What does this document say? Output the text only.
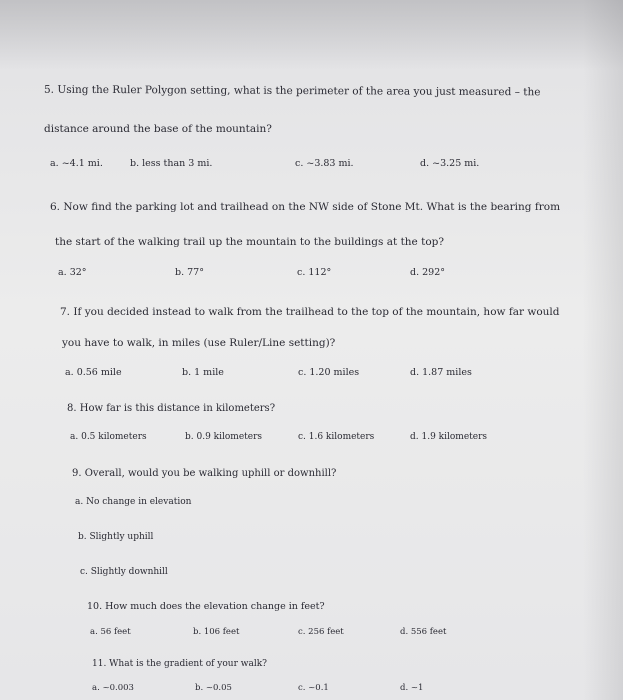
5. Using the Ruler Polygon setting, what is the perimeter of the area you just measured – the
distance around the base of the mountain?
a. ~4.1 mi.	b. less than 3 mi.	c. ~3.83 mi.	d. ~3.25 mi.
6. Now find the parking lot and trailhead on the NW side of Stone Mt. What is the bearing from
the start of the walking trail up the mountain to the buildings at the top?
a. 32°	b. 77°	c. 112°	d. 292°
7. If you decided instead to walk from the trailhead to the top of the mountain, how far would
you have to walk, in miles (use Ruler/Line setting)?
a. 0.56 mile	b. 1 mile	c. 1.20 miles	d. 1.87 miles
8. How far is this distance in kilometers?
a. 0.5 kilometers	b. 0.9 kilometers	c. 1.6 kilometers	d. 1.9 kilometers
9. Overall, would you be walking uphill or downhill?
a. No change in elevation
b. Slightly uphill
c. Slightly downhill
10. How much does the elevation change in feet?
a. 56 feet	b. 106 feet	c. 256 feet	d. 556 feet
11. What is the gradient of your walk?
a. ~0.003	b. ~0.05	c. ~0.1	d. ~1
